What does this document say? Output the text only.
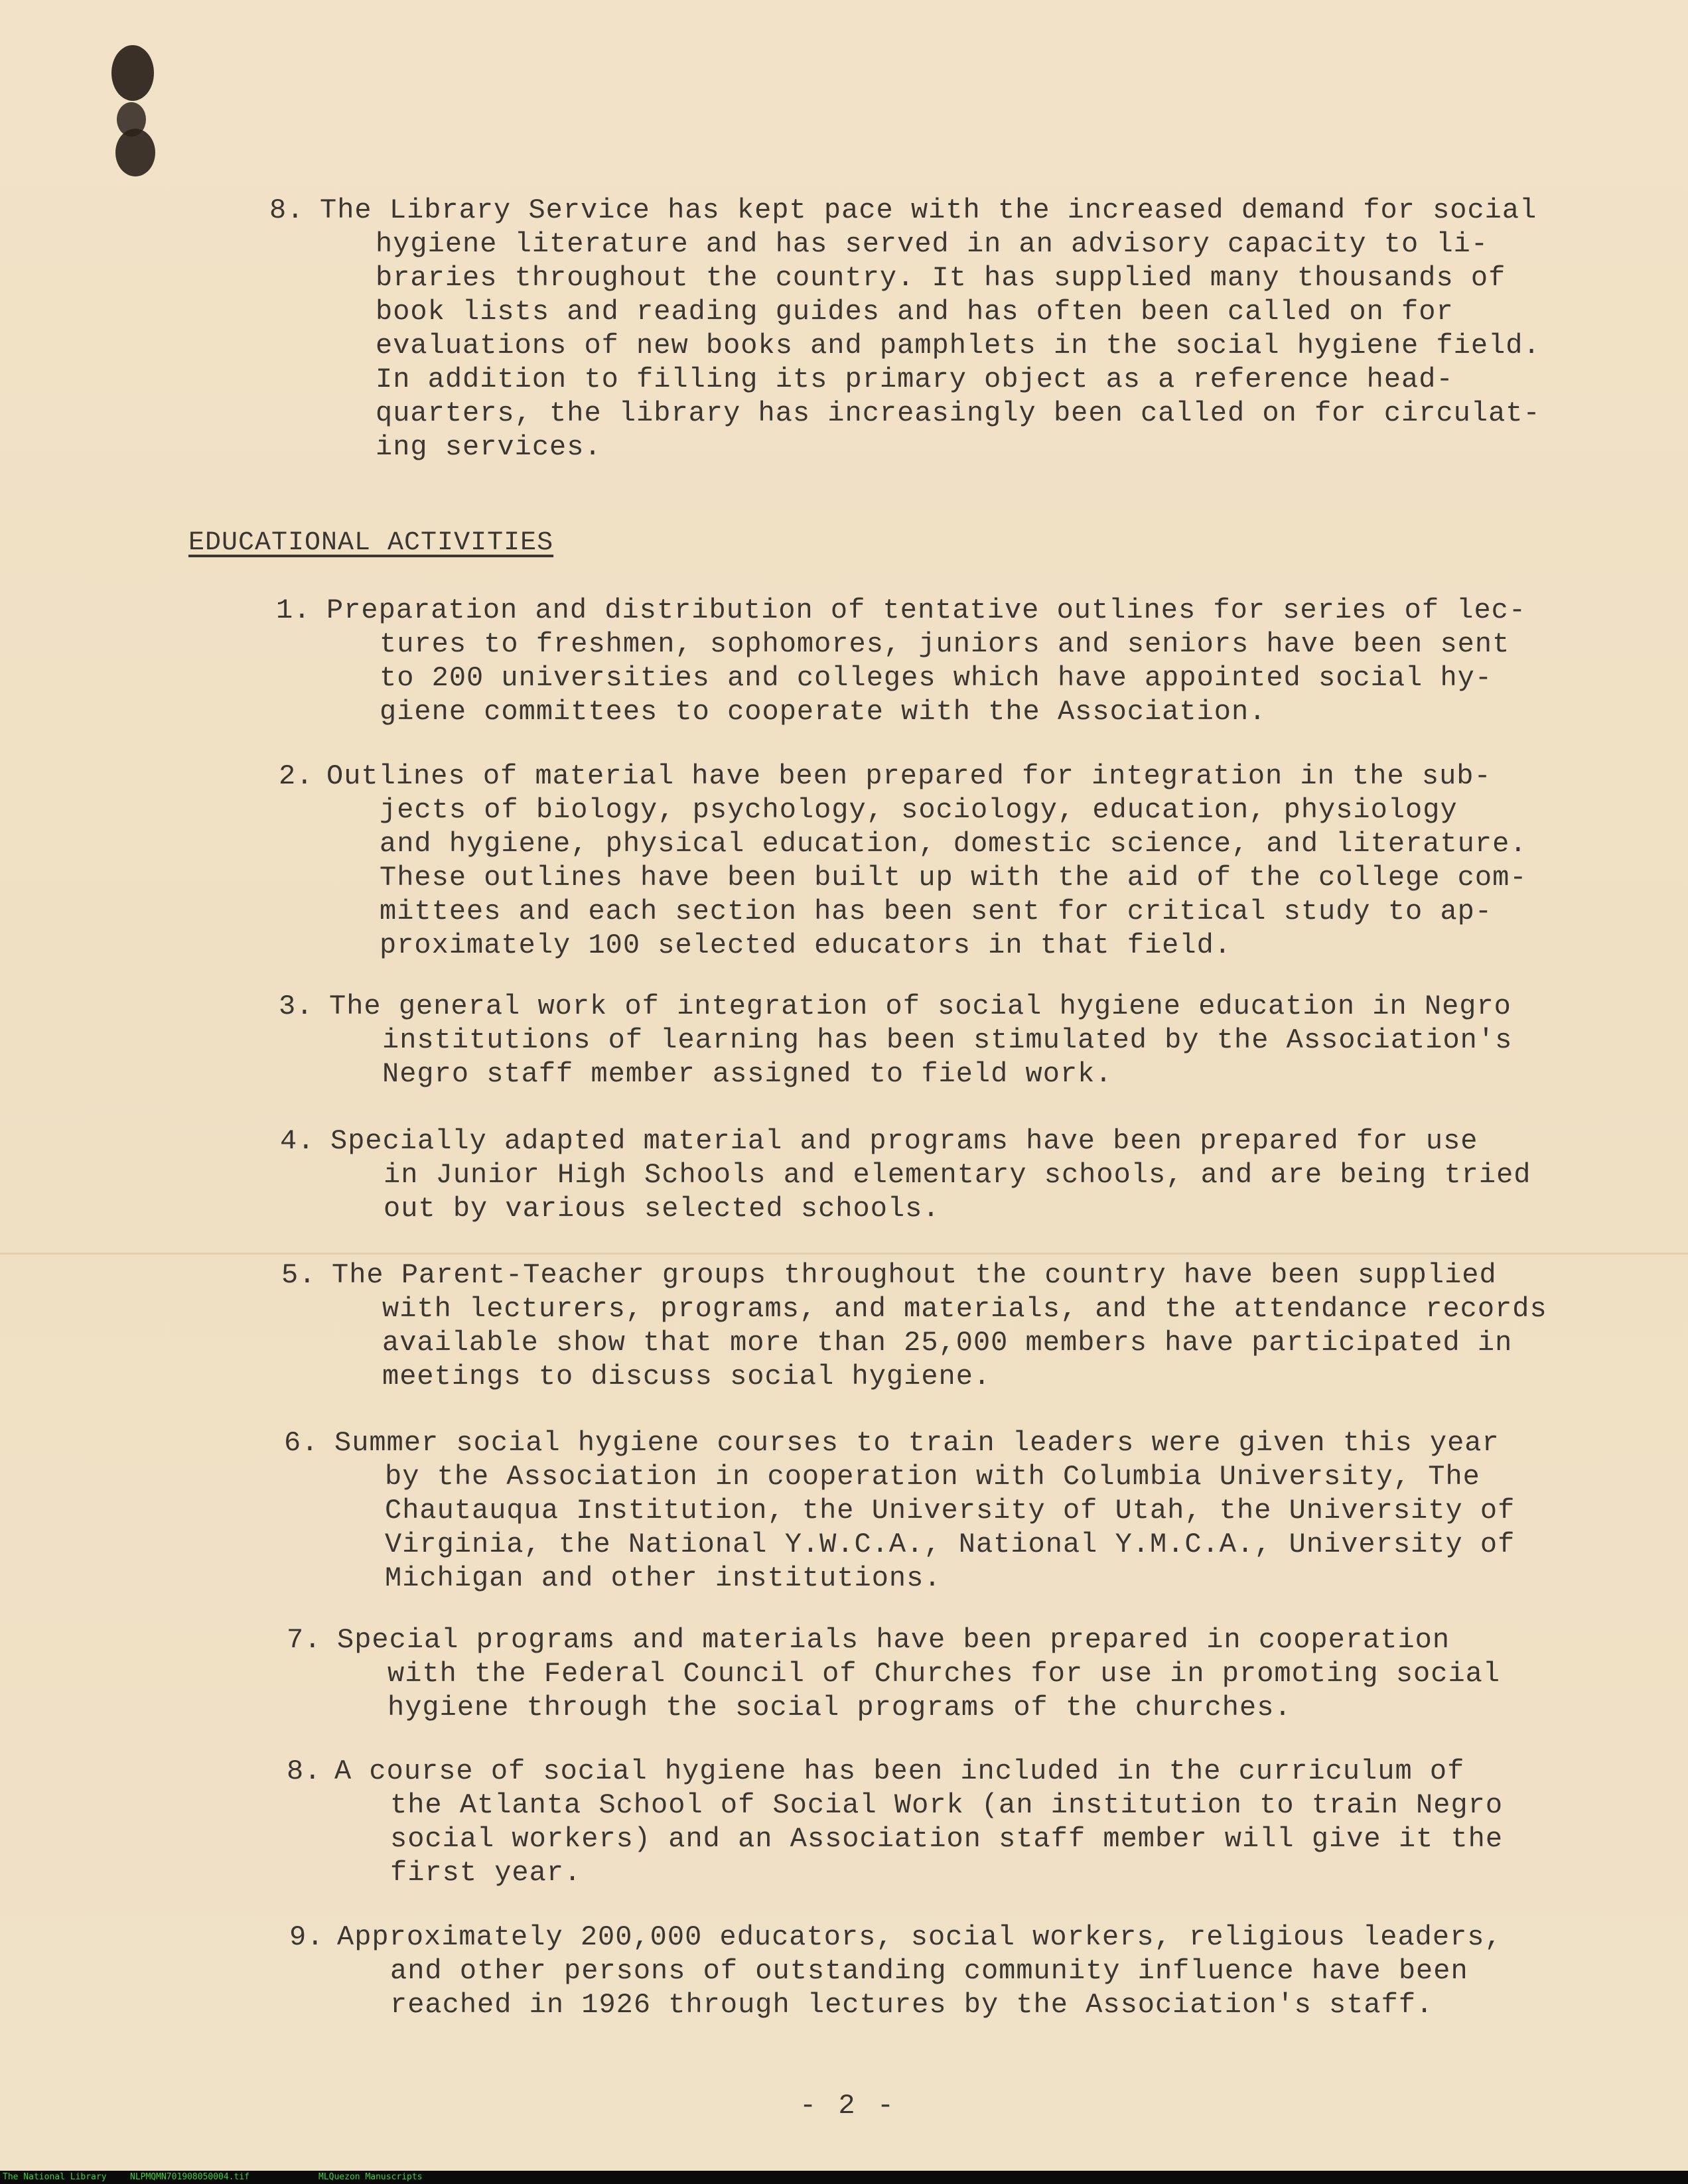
8. The Library Service has kept pace with the increased demand for social
hygiene literature and has served in an advisory capacity to li-
braries throughout the country. It has supplied many thousands of
book lists and reading guides and has often been called on for
evaluations of new books and pamphlets in the social hygiene field.
In addition to filling its primary object as a reference head-
quarters, the library has increasingly been called on for circulat-
ing services.
EDUCATIONAL ACTIVITIES
1. Preparation and distribution of tentative outlines for series of lec-
tures to freshmen, sophomores, juniors and seniors have been sent
to 200 universities and colleges which have appointed social hy-
giene committees to cooperate with the Association.
2. Outlines of material have been prepared for integration in the sub-
jects of biology, psychology, sociology, education, physiology
and hygiene, physical education, domestic science, and literature.
These outlines have been built up with the aid of the college com-
mittees and each section has been sent for critical study to ap-
proximately 100 selected educators in that field.
3. The general work of integration of social hygiene education in Negro
institutions of learning has been stimulated by the Association's
Negro staff member assigned to field work.
4. Specially adapted material and programs have been prepared for use
in Junior High Schools and elementary schools, and are being tried
out by various selected schools.
5. The Parent-Teacher groups throughout the country have been supplied
with lecturers, programs, and materials, and the attendance records
available show that more than 25,000 members have participated in
meetings to discuss social hygiene.
6. Summer social hygiene courses to train leaders were given this year
by the Association in cooperation with Columbia University, The
Chautauqua Institution, the University of Utah, the University of
Virginia, the National Y.W.C.A., National Y.M.C.A., University of
Michigan and other institutions.
7. Special programs and materials have been prepared in cooperation
with the Federal Council of Churches for use in promoting social
hygiene through the social programs of the churches.
8. A course of social hygiene has been included in the curriculum of
the Atlanta School of Social Work (an institution to train Negro
social workers) and an Association staff member will give it the
first year.
9. Approximately 200,000 educators, social workers, religious leaders,
and other persons of outstanding community influence have been
reached in 1926 through lectures by the Association's staff.
- 2 -
The National Library	NLPMQMN701908050004.tif	MLQuezon Manuscripts
